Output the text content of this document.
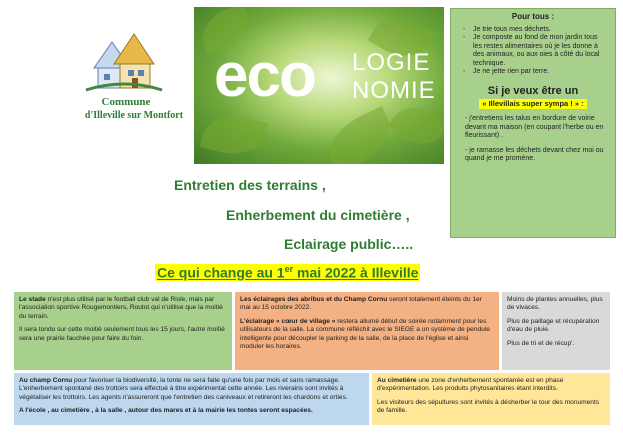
Commune
d'Illeville sur Montfort
eco LOGIE
NOMIE
Pour tous :
- Je trie tous mes déchets.
- Je composte au fond de mon jardin tous les restes alimentaires où je les donne à des animaux, ou aux oies à côté du local technique.
- Je ne jette rien par terre.
Si je veux être un
« Illevillais super sympa ! » :

- j'entretiens les talus en bordure de voirie devant ma maison (en coupant l'herbe ou en fleurissant) .

- je ramasse les déchets devant chez moi ou quand je me promène.

Entretien des terrains ,
Enherbement du cimetière ,
Eclairage public…..
Ce qui change au 1er mai 2022 à Illeville

Le stade n'est plus utilisé par le football club val de Risle, mais par l'association sportive Rougemontiers, Routot qui n'utilise que la moitié du terrain.

Il sera tondu sur cette moitié seulement tous les 15 jours, l'autre moitié sera une prairie fauchée pour faire du foin.

Les éclairages des abribus et du Champ Cornu seront totalement éteints du 1er mai au 15 octobre 2022.

L'éclairage « cœur de village » restera allumé début de soirée notamment pour les utilisateurs de la salle. La commune réfléchit avec le SIEGE a un système de pendule intelligente pour découpler le parking de la salle, de la place de l'église et ainsi moduler les horaires.

Moins de plantes annuelles, plus de vivaces.

Plus de paillage et récupération d'eau de pluie.

Plus de tri et de récup'.

Au champ Cornu pour favoriser la biodiversité, la tonte ne sera faite qu'une fois par mois et sans ramassage. L'enherbement spontané des trottoirs sera effectué à titre expérimental cette année. Les riverains sont invités à végétaliser les trottoirs. Les agents n'assureront que l'entretien des caniveaux et retireront les chardons et orties.

A l'école , au cimetière , à la salle , autour des mares et à la mairie les tontes seront espacées.

Au cimetière une zone d'enherbement spontanée est en phase d'expérimentation. Les produits phytosanitaires étant interdits.

Les visiteurs des sépultures sont invités à désherber le tour des monuments de famille.
